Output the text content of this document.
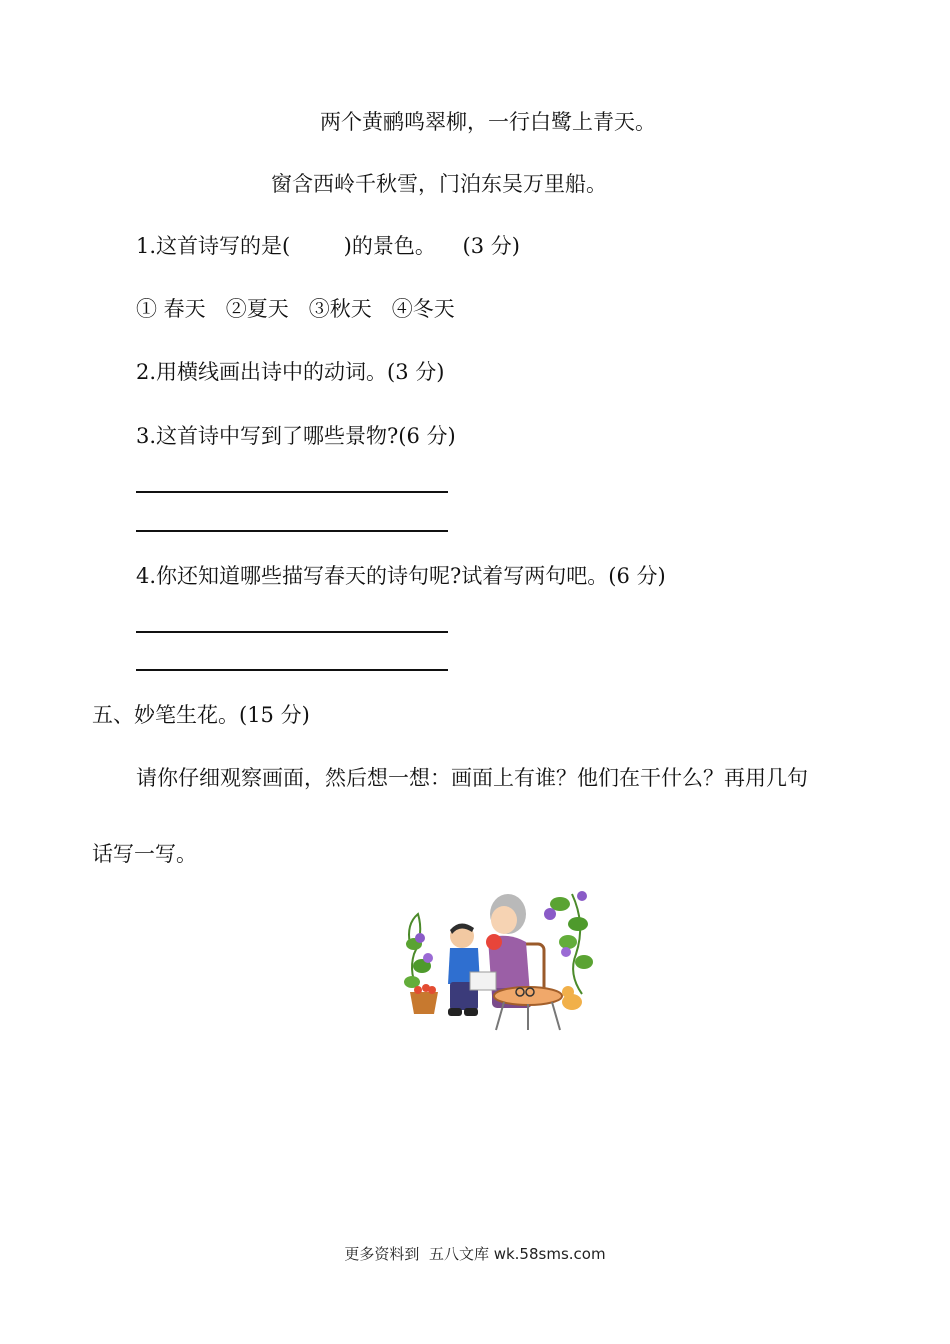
两个黄鹂鸣翠柳，一行白鹭上青天。
窗含西岭千秋雪，门泊东吴万里船。
1.这首诗写的是(        )的景色。    (3 分)
① 春天   ②夏天   ③秋天   ④冬天
2.用横线画出诗中的动词。(3 分)
3.这首诗中写到了哪些景物?(6 分)
4.你还知道哪些描写春天的诗句呢?试着写两句吧。(6 分)
五、妙笔生花。(15 分)
请你仔细观察画面，然后想一想：画面上有谁？他们在干什么？再用几句
话写一写。
更多资料到  五八文库 wk.58sms.com
